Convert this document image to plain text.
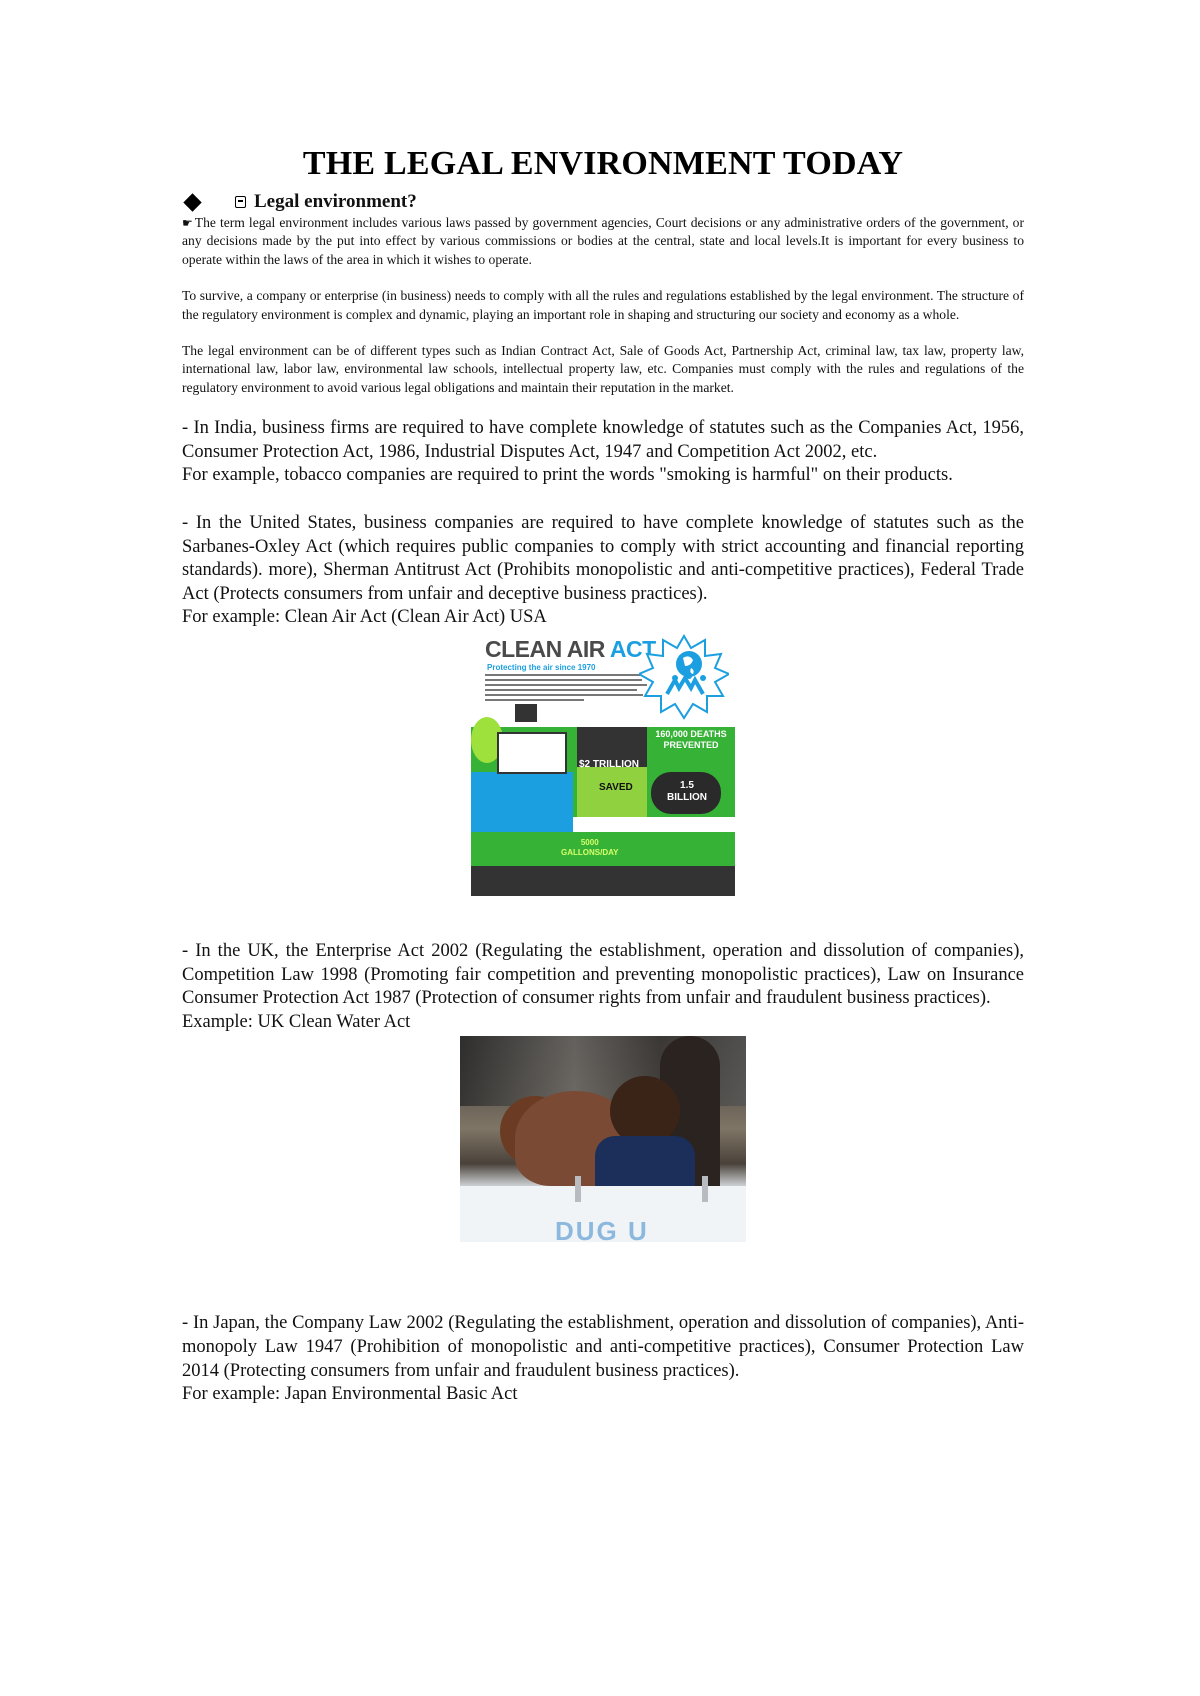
THE LEGAL ENVIRONMENT TODAY
Legal environment?

☛ The term legal environment includes various laws passed by government agencies, Court decisions or any administrative orders of the government, or any decisions made by the put into effect by various commissions or bodies at the central, state and local levels.It is important for every business to operate within the laws of the area in which it wishes to operate.

To survive, a company or enterprise (in business) needs to comply with all the rules and regulations established by the legal environment. The structure of the regulatory environment is complex and dynamic, playing an important role in shaping and structuring our society and economy as a whole.

The legal environment can be of different types such as Indian Contract Act, Sale of Goods Act, Partnership Act, criminal law, tax law, property law, international law, labor law, environmental law schools, intellectual property law, etc. Companies must comply with the rules and regulations of the regulatory environment to avoid various legal obligations and maintain their reputation in the market.

- In India, business firms are required to have complete knowledge of statutes such as the Companies Act, 1956, Consumer Protection Act, 1986, Industrial Disputes Act, 1947 and Competition Act 2002, etc.

For example, tobacco companies are required to print the words "smoking is harmful" on their products.

- In the United States, business companies are required to have complete knowledge of statutes such as the Sarbanes-Oxley Act (which requires public companies to comply with strict accounting and financial reporting standards). more), Sherman Antitrust Act (Prohibits monopolistic and anti-competitive practices), Federal Trade Act (Protects consumers from unfair and deceptive business practices).

For example: Clean Air Act (Clean Air Act) USA

CLEAN AIR ACT
Protecting the air since 1970
$2 TRILLION
SAVED
160,000 DEATHS PREVENTED
1.5
BILLION
5000
GALLONS/DAY

- In the UK, the Enterprise Act 2002 (Regulating the establishment, operation and dissolution of companies), Competition Law 1998 (Promoting fair competition and preventing monopolistic practices), Law on Insurance Consumer Protection Act 1987 (Protection of consumer rights from unfair and fraudulent business practices).

Example: UK Clean Water Act

DUG U

- In Japan, the Company Law 2002 (Regulating the establishment, operation and dissolution of companies), Anti-monopoly Law 1947 (Prohibition of monopolistic and anti-competitive practices), Consumer Protection Law 2014 (Protecting consumers from unfair and fraudulent business practices).

For example: Japan Environmental Basic Act
